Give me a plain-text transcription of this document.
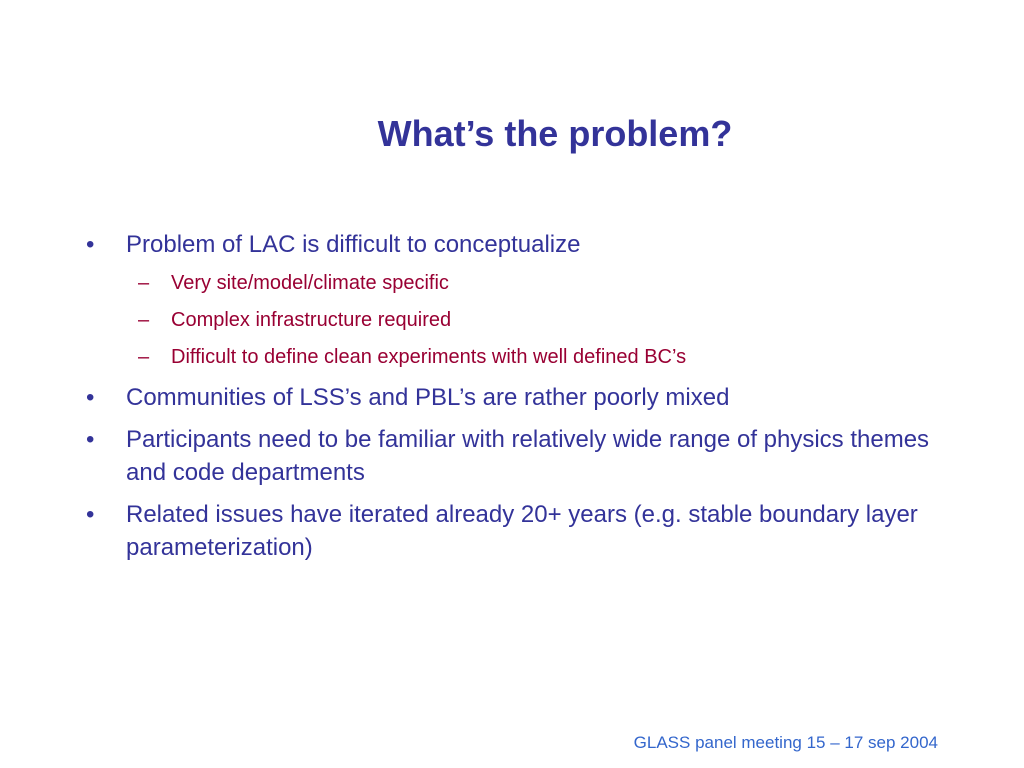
What’s the problem?
• Problem of LAC is difficult to conceptualize
– Very site/model/climate specific
– Complex infrastructure required
– Difficult to define clean experiments with well defined BC’s
• Communities of LSS’s and PBL’s are rather poorly mixed
• Participants need to be familiar with relatively wide range of physics themes and code departments
• Related issues have iterated already 20+ years (e.g. stable boundary layer parameterization)
GLASS panel meeting 15 – 17 sep 2004
